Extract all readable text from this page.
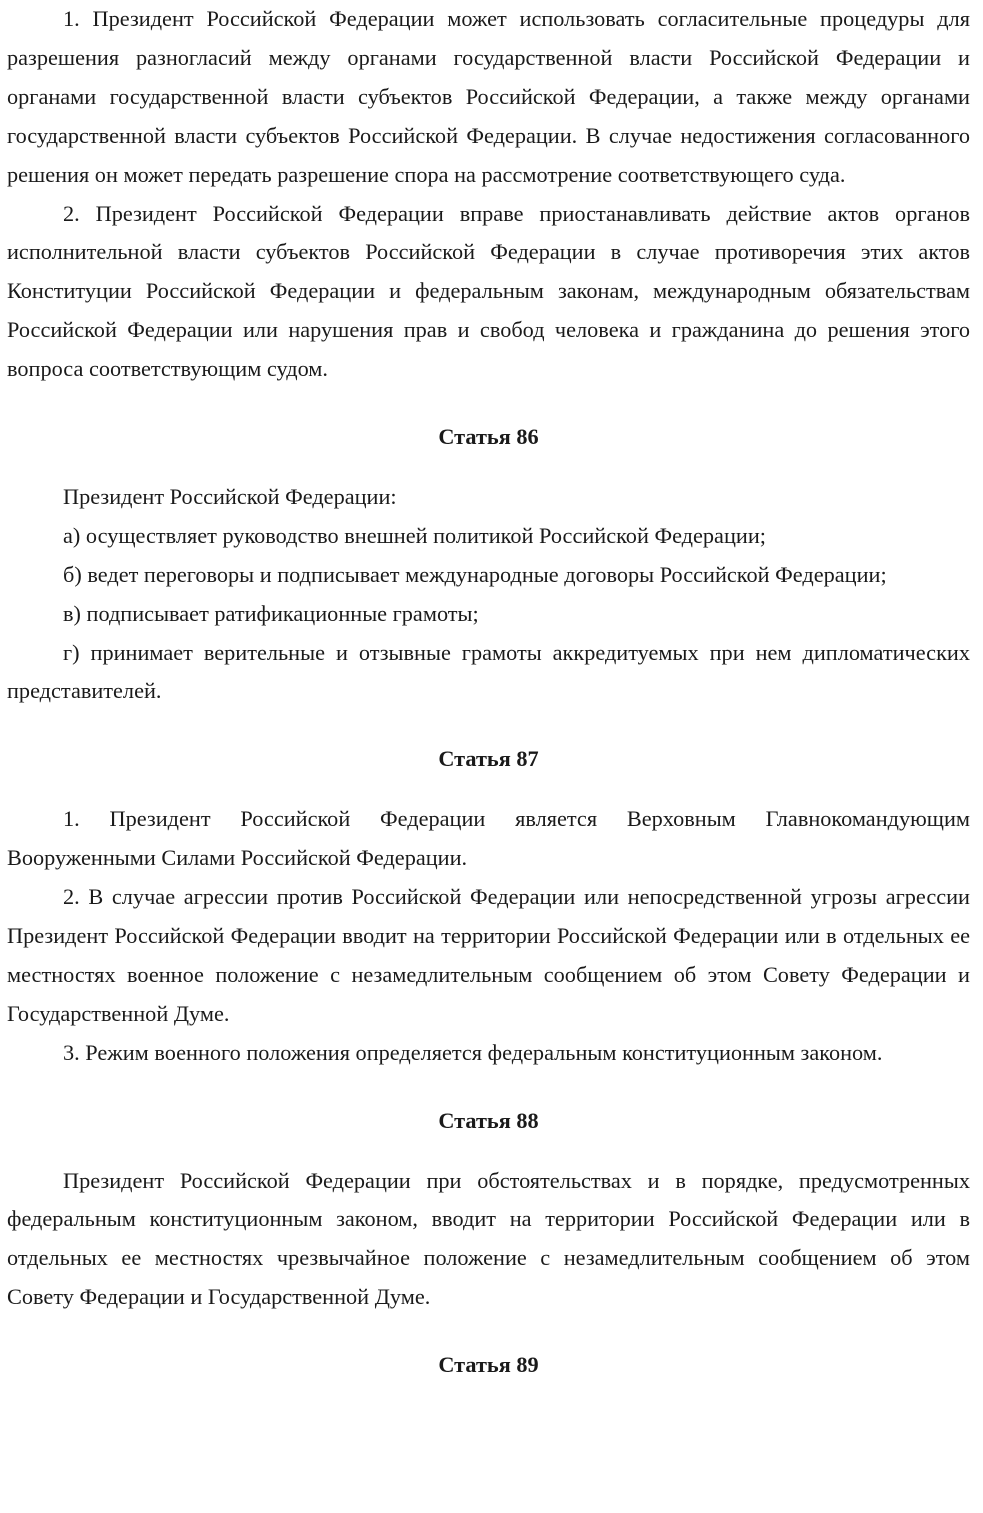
1. Президент Российской Федерации может использовать согласительные процедуры для разрешения разногласий между органами государственной власти Российской Федерации и органами государственной власти субъектов Российской Федерации, а также между органами государственной власти субъектов Российской Федерации. В случае недостижения согласованного решения он может передать разрешение спора на рассмотрение соответствующего суда.

2. Президент Российской Федерации вправе приостанавливать действие актов органов исполнительной власти субъектов Российской Федерации в случае противоречия этих актов Конституции Российской Федерации и федеральным законам, международным обязательствам Российской Федерации или нарушения прав и свобод человека и гражданина до решения этого вопроса соответствующим судом.

Статья 86

Президент Российской Федерации:

а) осуществляет руководство внешней политикой Российской Федерации;

б) ведет переговоры и подписывает международные договоры Российской Федерации;

в) подписывает ратификационные грамоты;

г) принимает верительные и отзывные грамоты аккредитуемых при нем дипломатических представителей.

Статья 87

1. Президент Российской Федерации является Верховным Главнокомандующим Вооруженными Силами Российской Федерации.

2. В случае агрессии против Российской Федерации или непосредственной угрозы агрессии Президент Российской Федерации вводит на территории Российской Федерации или в отдельных ее местностях военное положение с незамедлительным сообщением об этом Совету Федерации и Государственной Думе.

3. Режим военного положения определяется федеральным конституционным законом.

Статья 88

Президент Российской Федерации при обстоятельствах и в порядке, предусмотренных федеральным конституционным законом, вводит на территории Российской Федерации или в отдельных ее местностях чрезвычайное положение с незамедлительным сообщением об этом Совету Федерации и Государственной Думе.

Статья 89
